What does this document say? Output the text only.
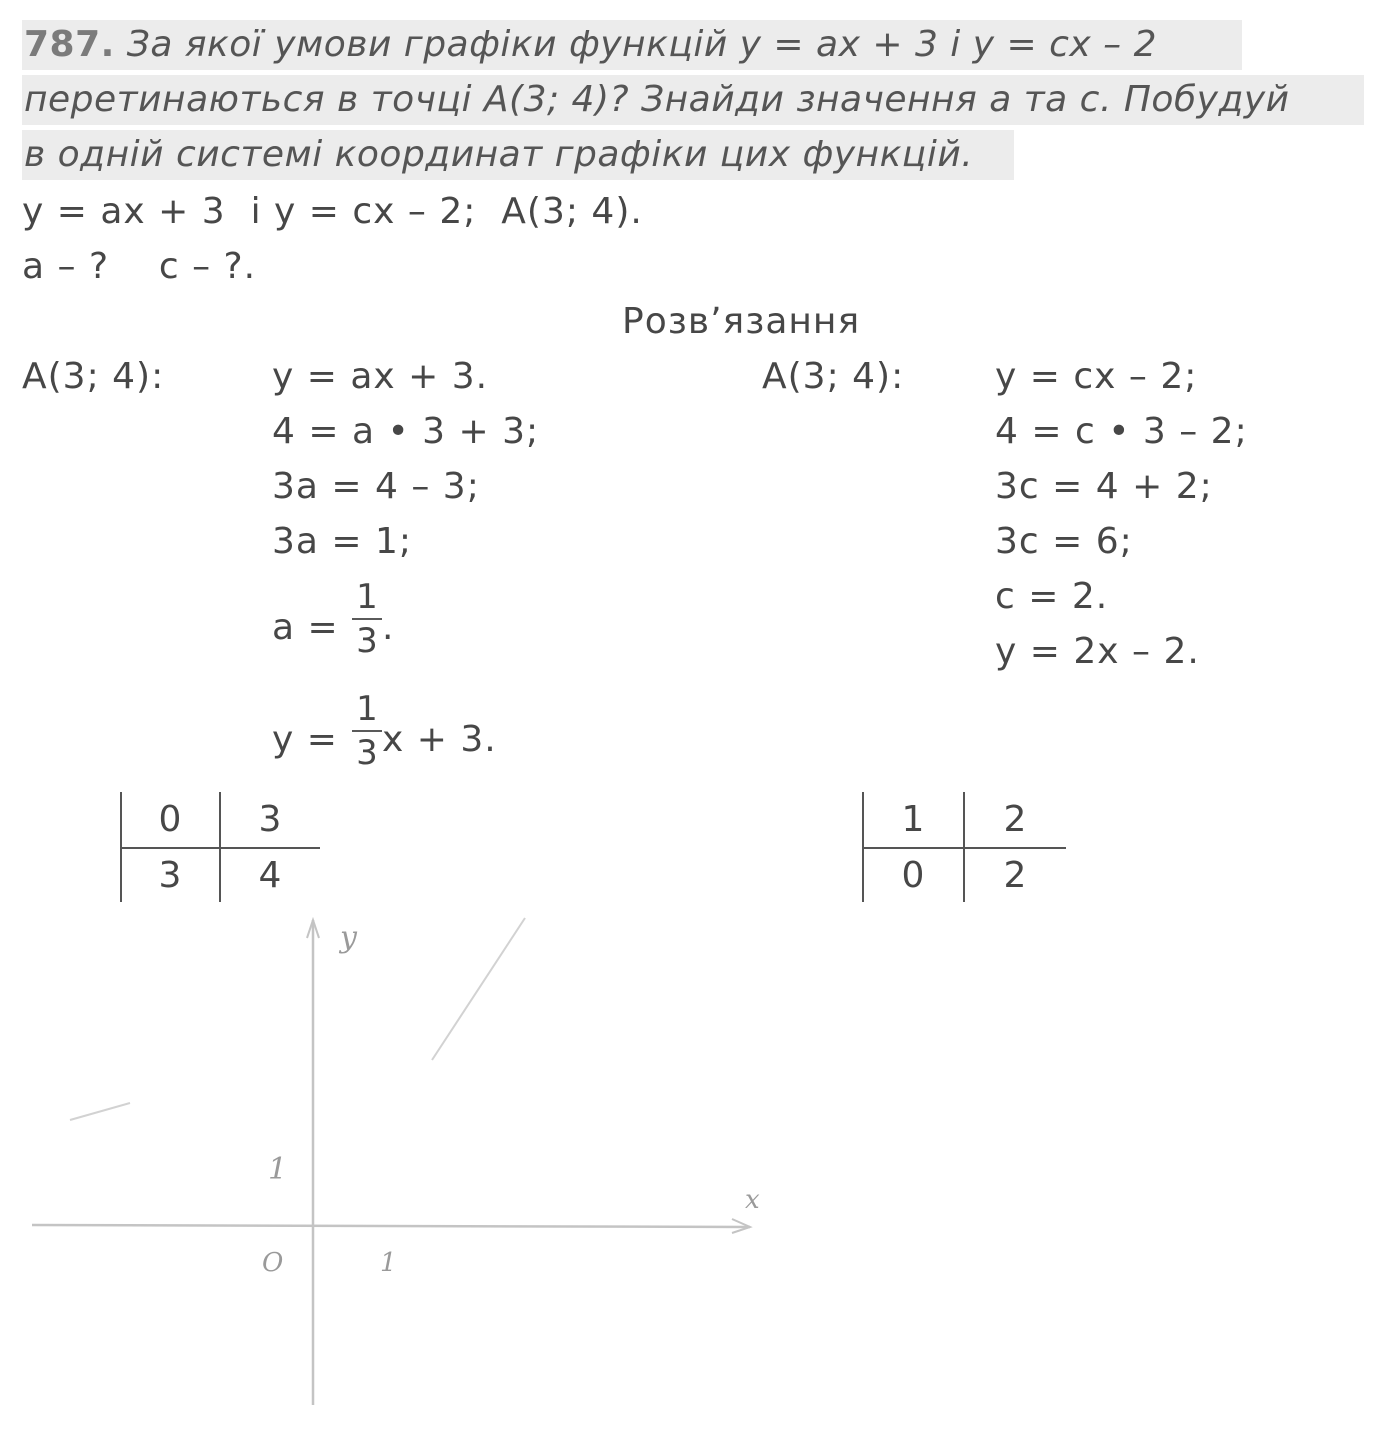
787. За якої умови графіки функцій y = ax + 3 і y = cx – 2
перетинаються в точці A(3; 4)? Знайди значення a та c. Побудуй
в одній системі координат графіки цих функцій.
y = ax + 3  і y = cx – 2;  A(3; 4).
a – ?    c – ?.
Розв’язання
A(3; 4):	y = ax + 3.
4 = a • 3 + 3;
3a = 4 – 3;
3a = 1;
a =
1
3 .
y =
1
3 x + 3.
0	3
3	4
A(3; 4):	y = cx – 2;
4 = c • 3 – 2;
3c = 4 + 2;
3c = 6;
c = 2.
y = 2x – 2.
1	2
0	2
y
x
1
O	1
